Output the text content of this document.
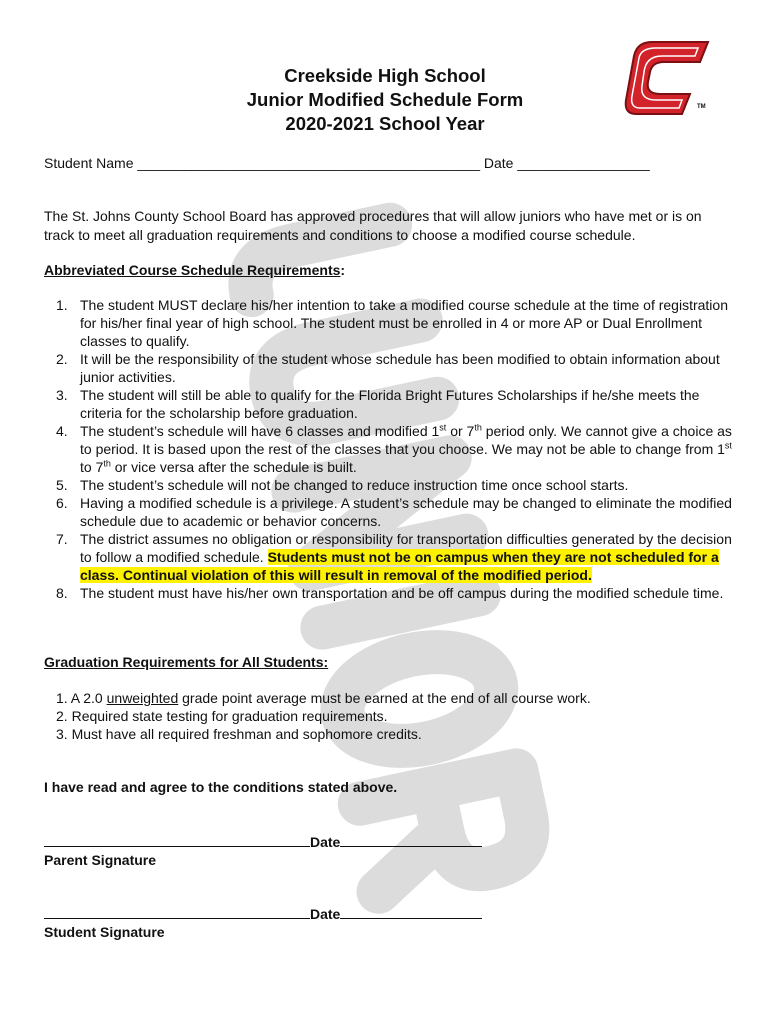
Creekside High School
Junior Modified Schedule Form
2020-2021 School Year
TM
Student Name ____________________________________________ Date _________________
The St. Johns County School Board has approved procedures that will allow juniors who have met or is on track to meet all graduation requirements and conditions to choose a modified course schedule.
Abbreviated Course Schedule Requirements:
1. The student MUST declare his/her intention to take a modified course schedule at the time of registration for his/her final year of high school. The student must be enrolled in 4 or more AP or Dual Enrollment classes to qualify.
2. It will be the responsibility of the student whose schedule has been modified to obtain information about junior activities.
3. The student will still be able to qualify for the Florida Bright Futures Scholarships if he/she meets the criteria for the scholarship before graduation.
4. The student’s schedule will have 6 classes and modified 1st or 7th period only. We cannot give a choice as to period. It is based upon the rest of the classes that you choose. We may not be able to change from 1st to 7th or vice versa after the schedule is built.
5. The student’s schedule will not be changed to reduce instruction time once school starts.
6. Having a modified schedule is a privilege. A student’s schedule may be changed to eliminate the modified schedule due to academic or behavior concerns.
7. The district assumes no obligation or responsibility for transportation difficulties generated by the decision to follow a modified schedule. Students must not be on campus when they are not scheduled for a class. Continual violation of this will result in removal of the modified period.
8. The student must have his/her own transportation and be off campus during the modified schedule time.
Graduation Requirements for All Students:
1. A 2.0 unweighted grade point average must be earned at the end of all course work.
2. Required state testing for graduation requirements.
3. Must have all required freshman and sophomore credits.
I have read and agree to the conditions stated above.
Date
Parent Signature
Date
Student Signature
